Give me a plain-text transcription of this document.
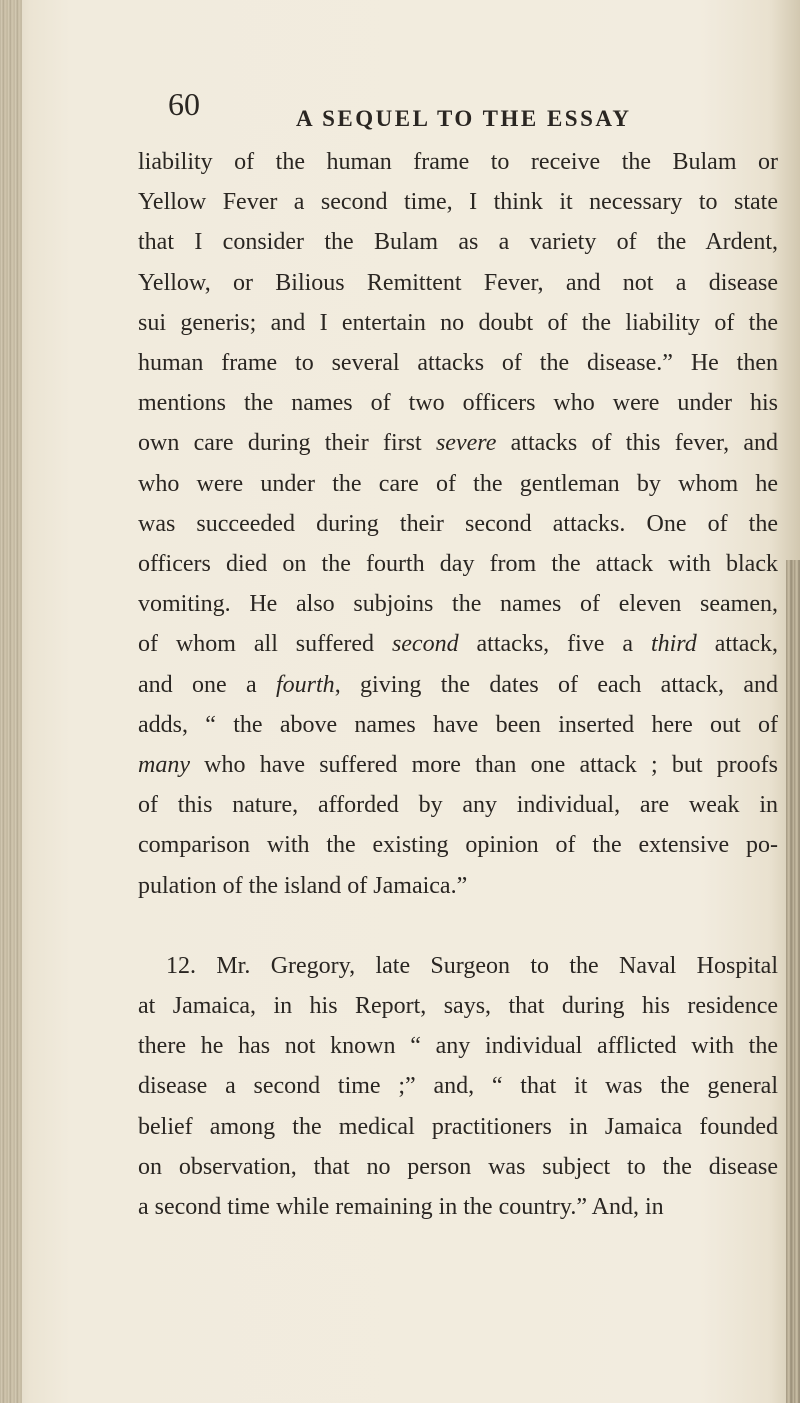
60	A SEQUEL TO THE ESSAY
liability of the human frame to receive the Bulam or
Yellow Fever a second time, I think it necessary to state
that I consider the Bulam as a variety of the Ardent,
Yellow, or Bilious Remittent Fever, and not a disease
sui generis; and I entertain no doubt of the liability of the
human frame to several attacks of the disease.” He then
mentions the names of two officers who were under his
own care during their first severe attacks of this fever, and
who were under the care of the gentleman by whom he
was succeeded during their second attacks. One of the
officers died on the fourth day from the attack with black
vomiting. He also subjoins the names of eleven seamen,
of whom all suffered second attacks, five a third attack,
and one a fourth, giving the dates of each attack, and
adds, “ the above names have been inserted here out of
many who have suffered more than one attack ; but proofs
of this nature, afforded by any individual, are weak in
comparison with the existing opinion of the extensive po-
pulation of the island of Jamaica.”
12. Mr. Gregory, late Surgeon to the Naval Hospital
at Jamaica, in his Report, says, that during his residence
there he has not known “ any individual afflicted with the
disease a second time ;” and, “ that it was the general
belief among the medical practitioners in Jamaica founded
on observation, that no person was subject to the disease
a second time while remaining in the country.” And, in
